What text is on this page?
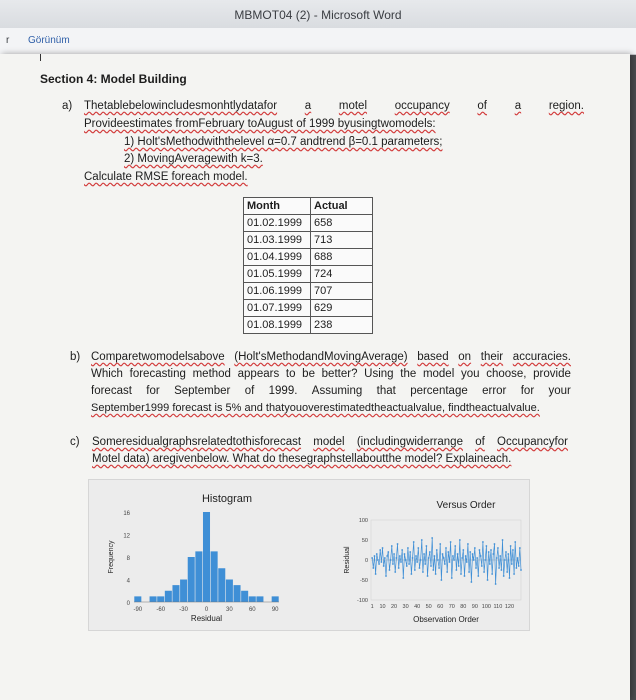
MBMOT04 (2) - Microsoft Word
r Görünüm
Section 4: Model Building
a) Thetablebelowincludesmonhtlydatafor a motel occupancy of a region.
Provideestimates fromFebruary toAugust of 1999 byusingtwomodels:
1) Holt'sMethodwiththelevel α=0.7 andtrend β=0.1 parameters;
2) MovingAveragewith k=3.
Calculate RMSE foreach model.
Month	Actual
01.02.1999	658
01.03.1999	713
01.04.1999	688
01.05.1999	724
01.06.1999	707
01.07.1999	629
01.08.1999	238
b) Comparetwomodelsabove (Holt'sMethodandMovingAverage) based on their accuracies.
Which forecasting method appears to be better? Using the model you choose, provide
forecast for September of 1999. Assuming that percentage error for your
September1999 forecast is 5% and thatyouoverestimatedtheactualvalue, findtheactualvalue.
c) Someresidualgraphsrelatedtothisforecast model (includingwiderrange of Occupancyfor
Motel data) aregivenbelow. What do thesegraphstellaboutthe model? Explaineach.
Histogram
0
4
8
12
16
-90 -60 -30	0	30	60	90
Residual
Frequency
Versus Order
100
50
0
-50
-100
1 10 20 30 40 50 60 70 80 90 100 110 120
Observation Order
Residual
